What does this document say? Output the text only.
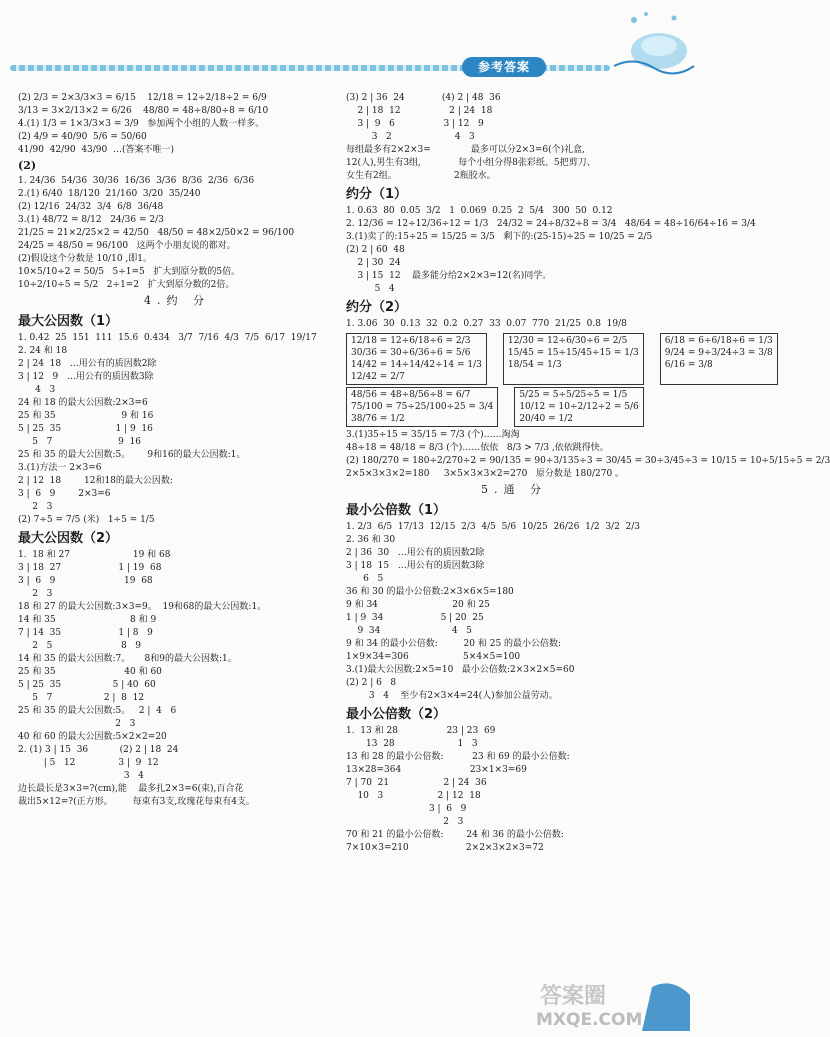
参考答案
(2) 2/3 = 2×3/3×3 = 6/15    12/18 = 12÷2/18÷2 = 6/9
3/13 = 3×2/13×2 = 6/26    48/80 = 48÷8/80÷8 = 6/10
4.(1) 1/3 = 1×3/3×3 = 3/9   参加两个小组的人数一样多。
(2) 4/9 = 40/90  5/6 = 50/60
41/90  42/90  43/90  …(答案不唯一)
(2)
1. 24/36  54/36  30/36  16/36  3/36  8/36  2/36  6/36
2.(1) 6/40  18/120  21/160  3/20  35/240
(2) 12/16  24/32  3/4  6/8  36/48
3.(1) 48/72 = 8/12   24/36 = 2/3
21/25 = 21×2/25×2 = 42/50   48/50 = 48×2/50×2 = 96/100
24/25 = 48/50 = 96/100   这两个小朋友说的都对。
(2)假设这个分数是 10/10 ,即1。
10×5/10÷2 = 50/5   5÷1=5   扩大到原分数的5倍。
10÷2/10÷5 = 5/2   2÷1=2   扩大到原分数的2倍。
4.约 分
最大公因数（1）
1. 0.42  25  151  111  15.6  0.434   3/7  7/16  4/3  7/5  6/17  19/17
2. 24 和 18
2 | 24  18   …用公有的质因数2除
3 | 12   9   …用公有的质因数3除
4   3
24 和 18 的最大公因数:2×3=6
25 和 35                       9 和 16
5 | 25  35                   1 | 9  16
5   7                       9  16
25 和 35 的最大公因数:5。      9和16的最大公因数:1。
3.(1)方法一 2×3=6
2 | 12  18        12和18的最大公因数:
3 |  6   9        2×3=6
2   3
(2) 7÷5 = 7/5 (米)   1÷5 = 1/5
最大公因数（2）
1.  18 和 27                      19 和 68
3 | 18  27                    1 | 19  68
3 |  6   9                        19  68
2   3
18 和 27 的最大公因数:3×3=9。  19和68的最大公因数:1。
14 和 35                          8 和 9
7 | 14  35                    1 | 8   9
2   5                        8   9
14 和 35 的最大公因数:7。     8和9的最大公因数:1。
25 和 35                        40 和 60
5 | 25  35                  5 | 40  60
5   7                  2 |  8  12
25 和 35 的最大公因数:5。   2 |  4   6
2   3
40 和 60 的最大公因数:5×2×2=20
2. (1) 3 | 15  36           (2) 2 | 18  24
| 5   12               3 |  9  12
3   4
边长最长是3×3=?(cm),能    最多扎2×3=6(束),百合花
裁出5×12=?(正方形。       每束有3支,玫瑰花每束有4支。
(3) 2 | 36  24             (4) 2 | 48  36
2 | 18  12                 2 | 24  18
3 |  9   6                 3 | 12   9
3   2                      4   3
每组最多有2×2×3=              最多可以分2×3=6(个)礼盒,
12(人),男生有3组,             每个小组分得8张彩纸、5把剪刀、
女生有2组。                    2瓶胶水。
约分（1）
1. 0.63  80  0.05  3/2   1  0.069  0.25  2  5/4   300  50  0.12
2. 12/36 = 12÷12/36÷12 = 1/3   24/32 = 24÷8/32÷8 = 3/4   48/64 = 48÷16/64÷16 = 3/4
3.(1)卖了的:15÷25 = 15/25 = 3/5   剩下的:(25-15)÷25 = 10/25 = 2/5
(2) 2 | 60  48
2 | 30  24
3 | 15  12    最多能分给2×2×3=12(名)同学。
5   4
约分（2）
1. 3.06  30  0.13  32  0.2  0.27  33  0.07  770  21/25  0.8  19/8
12/18 = 12÷6/18÷6 = 2/3
30/36 = 30÷6/36÷6 = 5/6
14/42 = 14÷14/42÷14 = 1/3
12/42 = 2/7
12/30 = 12÷6/30÷6 = 2/5
15/45 = 15÷15/45÷15 = 1/3
18/54 = 1/3
6/18 = 6÷6/18÷6 = 1/3
9/24 = 9÷3/24÷3 = 3/8
6/16 = 3/8
48/56 = 48÷8/56÷8 = 6/7
75/100 = 75÷25/100÷25 = 3/4
38/76 = 1/2
5/25 = 5÷5/25÷5 = 1/5
10/12 = 10÷2/12÷2 = 5/6
20/40 = 1/2
3.(1)35÷15 = 35/15 = 7/3 (个)……淘淘
48÷18 = 48/18 = 8/3 (个)……依依   8/3 > 7/3 ,依依跳得快。
(2) 180/270 = 180÷2/270÷2 = 90/135 = 90÷3/135÷3 = 30/45 = 30÷3/45÷3 = 10/15 = 10÷5/15÷5 = 2/3
2×5×3×3×2=180     3×5×3×3×2=270   原分数是 180/270 。
5.通 分
最小公倍数（1）
1. 2/3  6/5  17/13  12/15  2/3  4/5  5/6  10/25  26/26  1/2  3/2  2/3
2. 36 和 30
2 | 36  30   …用公有的质因数2除
3 | 18  15   …用公有的质因数3除
6   5
36 和 30 的最小公倍数:2×3×6×5=180
9 和 34                          20 和 25
1 | 9  34                    5 | 20  25
9  34                         4   5
9 和 34 的最小公倍数:         20 和 25 的最小公倍数:
1×9×34=306                   5×4×5=100
3.(1)最大公因数:2×5=10   最小公倍数:2×3×2×5=60
(2) 2 | 6   8
3   4    至少有2×3×4=24(人)参加公益劳动。
最小公倍数（2）
1.  13 和 28                 23 | 23  69
13  28                      1   3
13 和 28 的最小公倍数:          23 和 69 的最小公倍数:
13×28=364                        23×1×3=69
7 | 70  21                   2 | 24  36
10   3                   2 | 12  18
3 |  6   9
2   3
70 和 21 的最小公倍数:        24 和 36 的最小公倍数:
7×10×3=210                    2×2×3×2×3=72
答案圈
MXQE.COM
